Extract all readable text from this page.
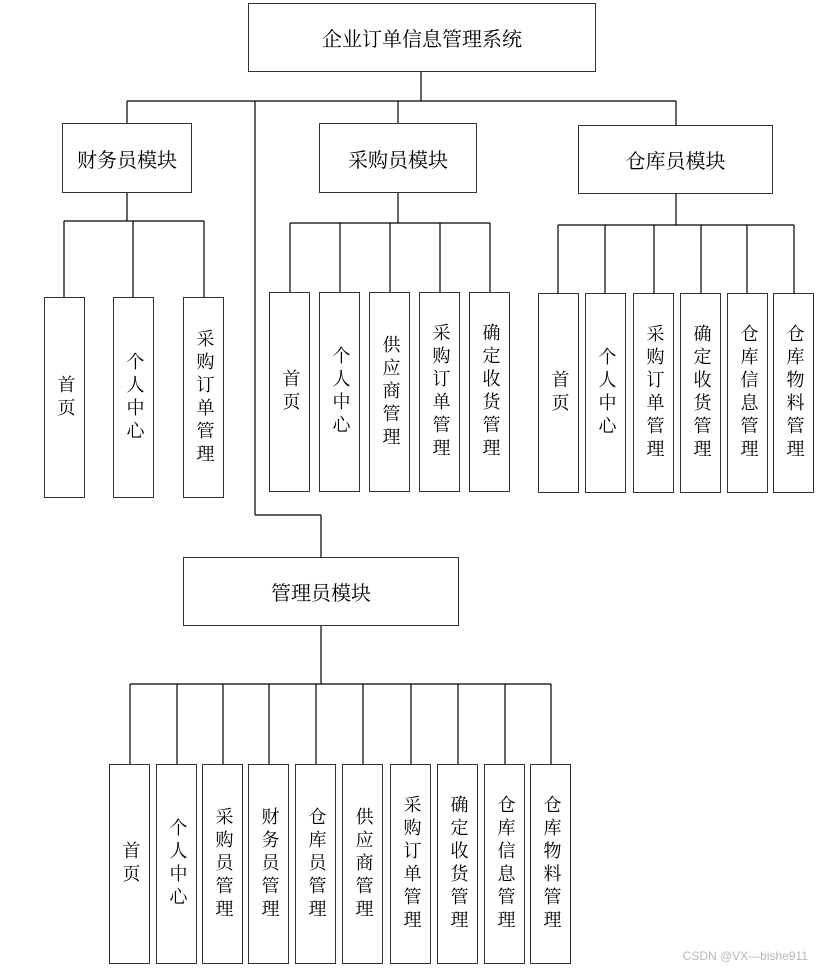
企业订单信息管理系统
财务员模块	采购员模块	仓库员模块
管理员模块
首页	个人中心	采购订单管理	首页	个人中心	供应商管理	采购订单管理	确定收货管理	首页	个人中心	采购订单管理	确定收货管理	仓库信息管理	仓库物料管理
首页	个人中心	采购员管理	财务员管理	仓库员管理	供应商管理	采购订单管理	确定收货管理	仓库信息管理	仓库物料管理
CSDN @VX—bishe911
